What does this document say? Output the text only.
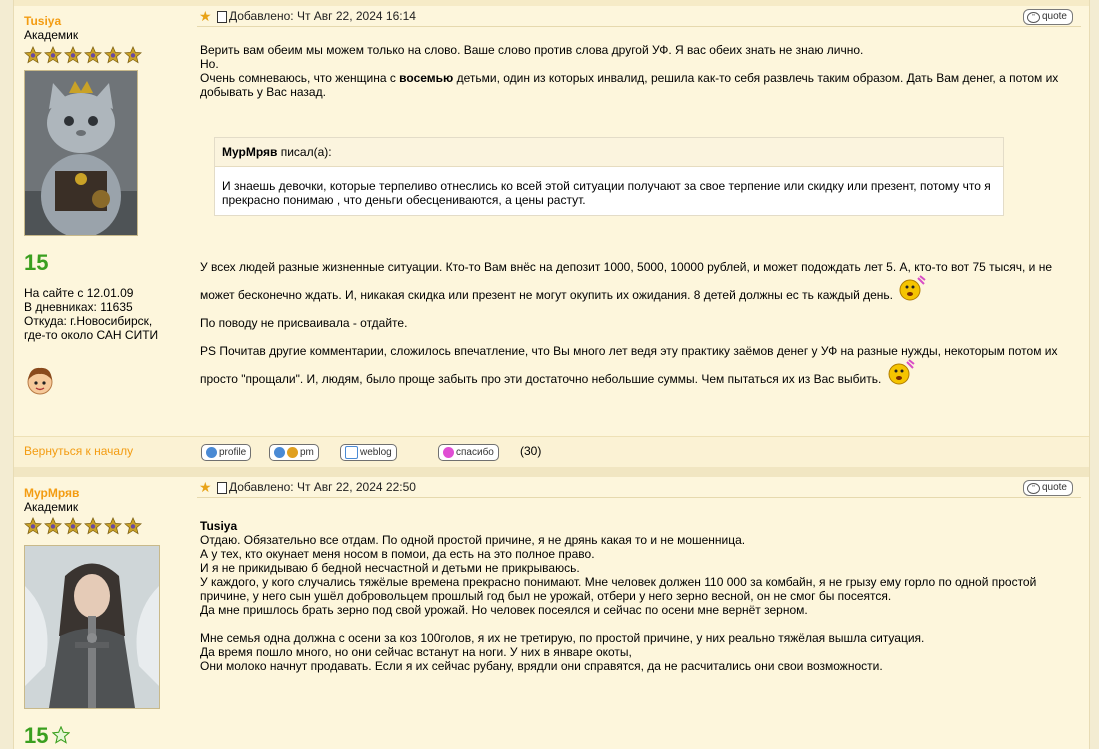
Tusiya
Академик
15
На сайте с 12.01.09
В дневниках: 11635
Откуда: г.Новосибирск,
где-то около САН СИТИ
★ Добавлено: Чт Авг 22, 2024 16:14	" quote

Верить вам обеим мы можем только на слово. Ваше слово против слова другой УФ. Я вас обеих знать не знаю лично.

Но.

Очень сомневаюсь, что женщина с восемью детьми, один из которых инвалид, решила как-то себя развлечь таким образом. Дать Вам денег, а потом их добывать у Вас назад.

МурМряв писал(а):
И знаешь девочки, которые терпеливо отнеслись ко всей этой ситуации получают за свое терпение или скидку или презент, потому что я прекрасно понимаю , что деньги обесцениваются, а цены растут.

У всех людей разные жизненные ситуации. Кто-то Вам внёс на депозит 1000, 5000, 10000 рублей, и может подождать лет 5. А, кто-то вот 75 тысяч, и не может бесконечно ждать. И, никакая скидка или презент не могут окупить их ожидания. 8 детей должны ес ть каждый день.

По поводу не присваивала - отдайте.

PS Почитав другие комментарии, сложилось впечатление, что Вы много лет ведя эту практику заёмов денег у УФ на разные нужды, некоторым потом их просто "прощали". И, людям, было проще забыть про эти достаточно небольшие суммы. Чем пытаться их из Вас выбить.

Вернуться к началу	profile	pm	weblog	спасибо (30)
МурМряв
Академик
15
★ Добавлено: Чт Авг 22, 2024 22:50	" quote

Tusiya

Отдаю. Обязательно все отдам. По одной простой причине, я не дрянь какая то и не мошенница.

А у тех, кто окунает меня носом в помои, да есть на это полное право.

И я не прикидываю б бедной несчастной и детьми не прикрываюсь.

У каждого, у кого случались тяжёлые времена прекрасно понимают. Мне человек должен 110 000 за комбайн, я не грызу ему горло по одной простой причине, у него сын ушёл добровольцем прошлый год был не урожай, отбери у него зерно весной, он не смог бы посеятся.

Да мне пришлось брать зерно под свой урожай. Но человек посеялся и сейчас по осени мне вернёт зерном.

Мне семья одна должна с осени за коз 100голов, я их не третирую, по простой причине, у них реально тяжёлая вышла ситуация.

Да время пошло много, но они сейчас встанут на ноги. У них в январе окоты,

Они молоко начнут продавать. Если я их сейчас рубану, врядли они справятся, да не расчитались они свои возможности.
